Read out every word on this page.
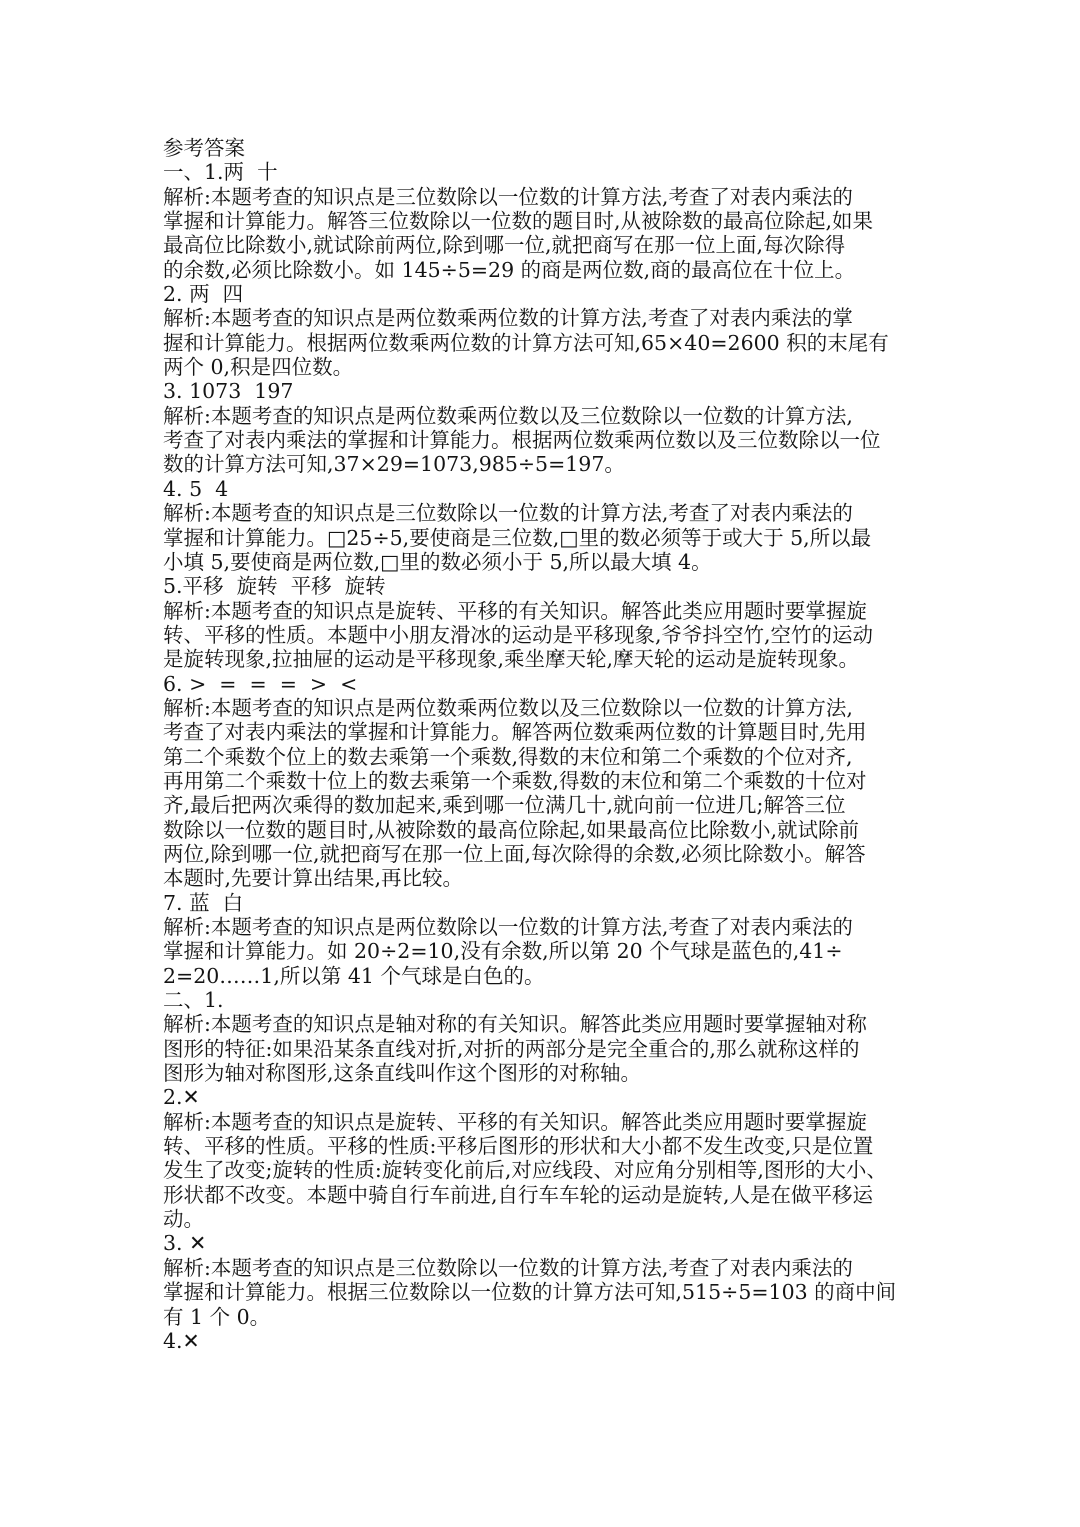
参考答案
一、1.两  十
解析:本题考查的知识点是三位数除以一位数的计算方法,考查了对表内乘法的
掌握和计算能力。解答三位数除以一位数的题目时,从被除数的最高位除起,如果
最高位比除数小,就试除前两位,除到哪一位,就把商写在那一位上面,每次除得
的余数,必须比除数小。如 145÷5=29 的商是两位数,商的最高位在十位上。
2. 两  四
解析:本题考查的知识点是两位数乘两位数的计算方法,考查了对表内乘法的掌
握和计算能力。根据两位数乘两位数的计算方法可知,65×40=2600 积的末尾有
两个 0,积是四位数。
3. 1073  197
解析:本题考查的知识点是两位数乘两位数以及三位数除以一位数的计算方法,
考查了对表内乘法的掌握和计算能力。根据两位数乘两位数以及三位数除以一位
数的计算方法可知,37×29=1073,985÷5=197。
4. 5  4
解析:本题考查的知识点是三位数除以一位数的计算方法,考查了对表内乘法的
掌握和计算能力。□25÷5,要使商是三位数,□里的数必须等于或大于 5,所以最
小填 5,要使商是两位数,□里的数必须小于 5,所以最大填 4。
5.平移  旋转  平移  旋转
解析:本题考查的知识点是旋转、平移的有关知识。解答此类应用题时要掌握旋
转、平移的性质。本题中小朋友滑冰的运动是平移现象,爷爷抖空竹,空竹的运动
是旋转现象,拉抽屉的运动是平移现象,乘坐摩天轮,摩天轮的运动是旋转现象。
6. >  =  =  =  >  <
解析:本题考查的知识点是两位数乘两位数以及三位数除以一位数的计算方法,
考查了对表内乘法的掌握和计算能力。解答两位数乘两位数的计算题目时,先用
第二个乘数个位上的数去乘第一个乘数,得数的末位和第二个乘数的个位对齐,
再用第二个乘数十位上的数去乘第一个乘数,得数的末位和第二个乘数的十位对
齐,最后把两次乘得的数加起来,乘到哪一位满几十,就向前一位进几;解答三位
数除以一位数的题目时,从被除数的最高位除起,如果最高位比除数小,就试除前
两位,除到哪一位,就把商写在那一位上面,每次除得的余数,必须比除数小。解答
本题时,先要计算出结果,再比较。
7. 蓝  白
解析:本题考查的知识点是两位数除以一位数的计算方法,考查了对表内乘法的
掌握和计算能力。如 20÷2=10,没有余数,所以第 20 个气球是蓝色的,41÷
2=20……1,所以第 41 个气球是白色的。
二、1.
解析:本题考查的知识点是轴对称的有关知识。解答此类应用题时要掌握轴对称
图形的特征:如果沿某条直线对折,对折的两部分是完全重合的,那么就称这样的
图形为轴对称图形,这条直线叫作这个图形的对称轴。
2.✕
解析:本题考查的知识点是旋转、平移的有关知识。解答此类应用题时要掌握旋
转、平移的性质。平移的性质:平移后图形的形状和大小都不发生改变,只是位置
发生了改变;旋转的性质:旋转变化前后,对应线段、对应角分别相等,图形的大小、
形状都不改变。本题中骑自行车前进,自行车车轮的运动是旋转,人是在做平移运
动。
3. ✕
解析:本题考查的知识点是三位数除以一位数的计算方法,考查了对表内乘法的
掌握和计算能力。根据三位数除以一位数的计算方法可知,515÷5=103 的商中间
有 1 个 0。
4.✕
